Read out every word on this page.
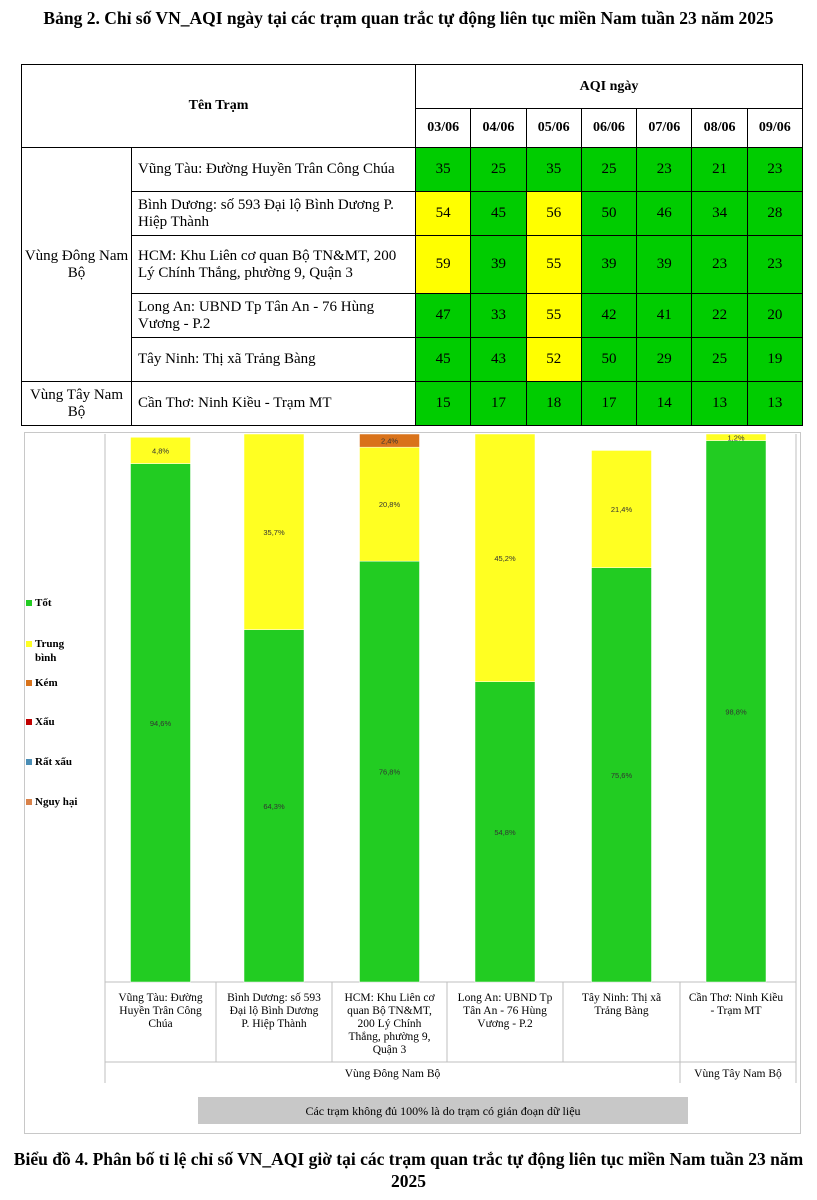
Bảng 2. Chỉ số VN_AQI ngày tại các trạm quan trắc tự động liên tục miền Nam tuần 23 năm 2025
Tên Trạm		AQI ngày						
		03/06	04/06	05/06	06/06	07/06	08/06	09/06
Vùng Đông Nam Bộ	Vũng Tàu: Đường Huyền Trân Công Chúa	35	25	35	25	23	21	23
	Bình Dương: số 593 Đại lộ Bình Dương P. Hiệp Thành	54	45	56	50	46	34	28
	HCM: Khu Liên cơ quan Bộ TN&MT, 200 Lý Chính Thắng, phường 9, Quận 3	59	39	55	39	39	23	23
	Long An: UBND Tp Tân An - 76 Hùng Vương - P.2	47	33	55	42	41	22	20
	Tây Ninh: Thị xã Trảng Bàng	45	43	52	50	29	25	19
Vùng Tây Nam Bộ	Cần Thơ: Ninh Kiều - Trạm MT	15	17	18	17	14	13	13
94,6%
4,8%
Vũng Tàu: Đường
Huyền Trân Công
Chúa
64,3%
35,7%
Bình Dương: số 593
Đại lộ Bình Dương
P. Hiệp Thành
76,8%
20,8%
2,4%
HCM: Khu Liên cơ
quan Bộ TN&MT,
200 Lý Chính
Thắng, phường 9,
Quận 3
54,8%
45,2%
Long An: UBND Tp
Tân An - 76 Hùng
Vương - P.2
75,6%
21,4%
Tây Ninh: Thị xã
Trảng Bàng
98,8%
1,2%
Cần Thơ: Ninh Kiều
- Trạm MT
Vùng Đông Nam Bộ	Vùng Tây Nam Bộ
Các trạm không đủ 100% là do trạm có gián đoạn dữ liệu
Tốt
Trung bình
Kém
Xấu
Rất xấu
Nguy hại
Biểu đồ 4. Phân bố tỉ lệ chỉ số VN_AQI giờ tại các trạm quan trắc tự động liên tục miền Nam tuần 23 năm 2025
